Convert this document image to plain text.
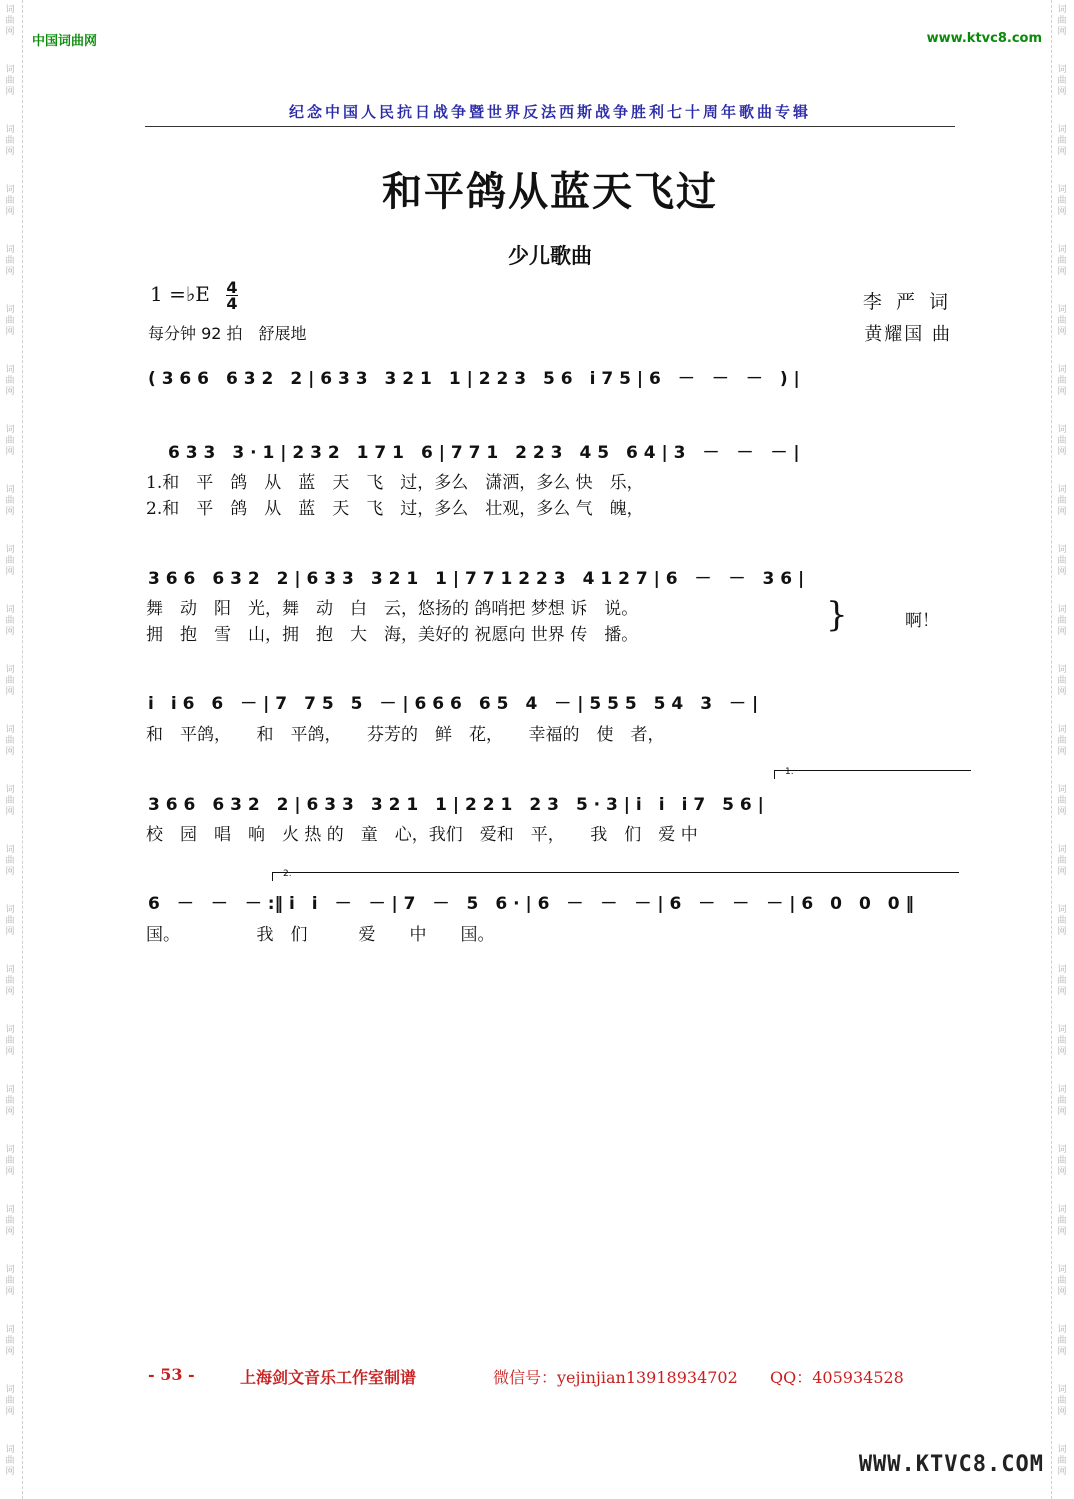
词
曲
网
词
曲
网
词
曲
网
词
曲
网
词
曲
网
词
曲
网
词
曲
网
词
曲
网
词
曲
网
词
曲
网
词
曲
网
词
曲
网
词
曲
网
词
曲
网
词
曲
网
词
曲
网
词
曲
网
词
曲
网
词
曲
网
词
曲
网
词
曲
网
词
曲
网
词
曲
网
词
曲
网
词
曲
网
词
曲
网
词
曲
网
词
曲
网
词
曲
网
词
曲
网
词
曲
网
词
曲
网
词
曲
网
词
曲
网
词
曲
网
词
曲
网
词
曲
网
词
曲
网
词
曲
网
词
曲
网
词
曲
网
词
曲
网
词
曲
网
词
曲
网
词
曲
网
词
曲
网
词
曲
网
词
曲
网
词
曲
网
词
曲
网
中国词曲网	www.ktvc8.com
纪念中国人民抗日战争暨世界反法西斯战争胜利七十周年歌曲专辑
和平鸽从蓝天飞过
少儿歌曲
1 =♭E 4
4
每分钟 92 拍　舒展地
李 严 词
黄耀国 曲
( 3 6 6　6 3 2　2 | 6 3 3　3 2 1　1 | 2 2 3　5 6　i 7 5 | 6　－　－　－　) |
6 3 3　3 · 1 | 2 3 2　1 7 1　6 | 7 7 1　2 2 3　4 5　6 4 | 3　－　－　－ |
1.和　平　鸽　从　蓝　天　飞　过，多么　潇洒，多么 快　乐，
2.和　平　鸽　从　蓝　天　飞　过，多么　壮观，多么 气　魄，
3 6 6　6 3 2　2 | 6 3 3　3 2 1　1 | 7 7 1 2 2 3　4 1 2 7 | 6　－　－　3 6 |
舞　动　阳　光，舞　动　白　云，悠扬的 鸽哨把 梦想 诉　说。
拥　抱　雪　山，拥　抱　大　海，美好的 祝愿向 世界 传　播。
啊！
}
i　i 6　6　－ | 7　7 5　5　－ | 6 6 6　6 5　4　－ | 5 5 5　5 4　3　－ |
和　平鸽，　　和　平鸽，　　芬芳的　鲜　花，　　幸福的　使　者，
1.
3 6 6　6 3 2　2 | 6 3 3　3 2 1　1 | 2 2 1　2 3　5 · 3 | i　i　i 7　5 6 |
校　园　唱　响　火 热 的　童　心，我们　爱和　平，　　我　们　爱 中
2.
6　－　－　－ :‖ i　i　－　－ | 7　－　5　6 · | 6　－　－　－ | 6　－　－　－ | 6　0　0　0 ‖
国。　　　　　我　们　　　爱　　中　　国。
- 53 -	上海剑文音乐工作室制谱	微信号：yejinjian13918934702 QQ：405934528
WWW.KTVC8.COM
